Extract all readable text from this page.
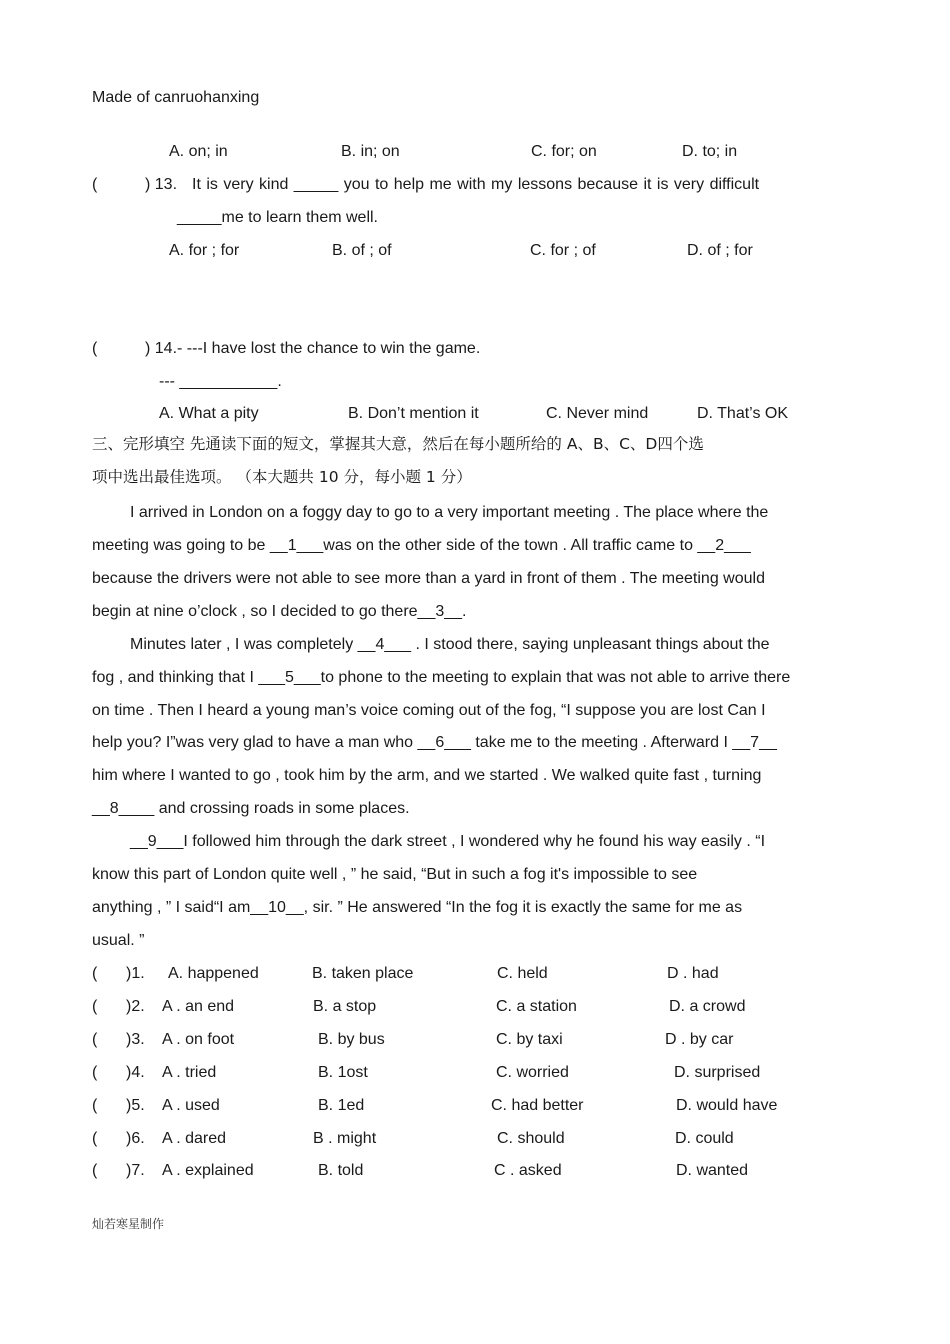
Made of canruohanxing
A. on; in	B. in; on	C. for; on	D. to; in
(	) 13. It is very kind _____ you to help me with my lessons because it is very difficult
_____me to learn them well.
A. for ; for	B. of ; of	C. for ; of	D. of ; for
(	) 14.- ---I have lost the chance to win the game.
--- ___________.
A. What a pity	B. Don’t mention it	C. Never mind	D. That’s OK
三、完形填空 先通读下面的短文，掌握其大意，然后在每小题所给的 A、B、C、D四个选
项中选出最佳选项。 （本大题共 10 分，每小题 1 分）
I arrived in London on a foggy day to go to a very important meeting . The place where the
meeting was going to be __1___was on the other side of the town . All traffic came to __2___
because the drivers were not able to see more than a yard in front of them . The meeting would
begin at nine o’clock , so I decided to go there__3__.
Minutes later , I was completely __4___ . I stood there, saying unpleasant things about the
fog , and thinking that I ___5___to phone to the meeting to explain that was not able to arrive there
on time . Then I heard a young man’s voice coming out of the fog, “I suppose you are lost Can I
help you? I”was very glad to have a man who __6___ take me to the meeting . Afterward I __7__
him where I wanted to go , took him by the arm, and we started . We walked quite fast , turning
__8____ and crossing roads in some places.
__9___I followed him through the dark street , I wondered why he found his way easily . “I
know this part of London quite well , ” he said, “But in such a fog it's impossible to see
anything , ” I said“I am__10__, sir. ” He answered “In the fog it is exactly the same for me as
usual. ”
( )1. A. happened	B. taken place	C. held	D . had
( )2. A . an end	B. a stop	C. a station	D. a crowd
( )3. A . on foot	B. by bus	C. by taxi	D . by car
( )4. A . tried	B. 1ost	C. worried	D. surprised
( )5. A . used	B. 1ed	C. had better	D. would have
( )6. A . dared	B . might	C. should	D. could
( )7. A . explained	B. told	C . asked	D. wanted
灿若寒星制作
